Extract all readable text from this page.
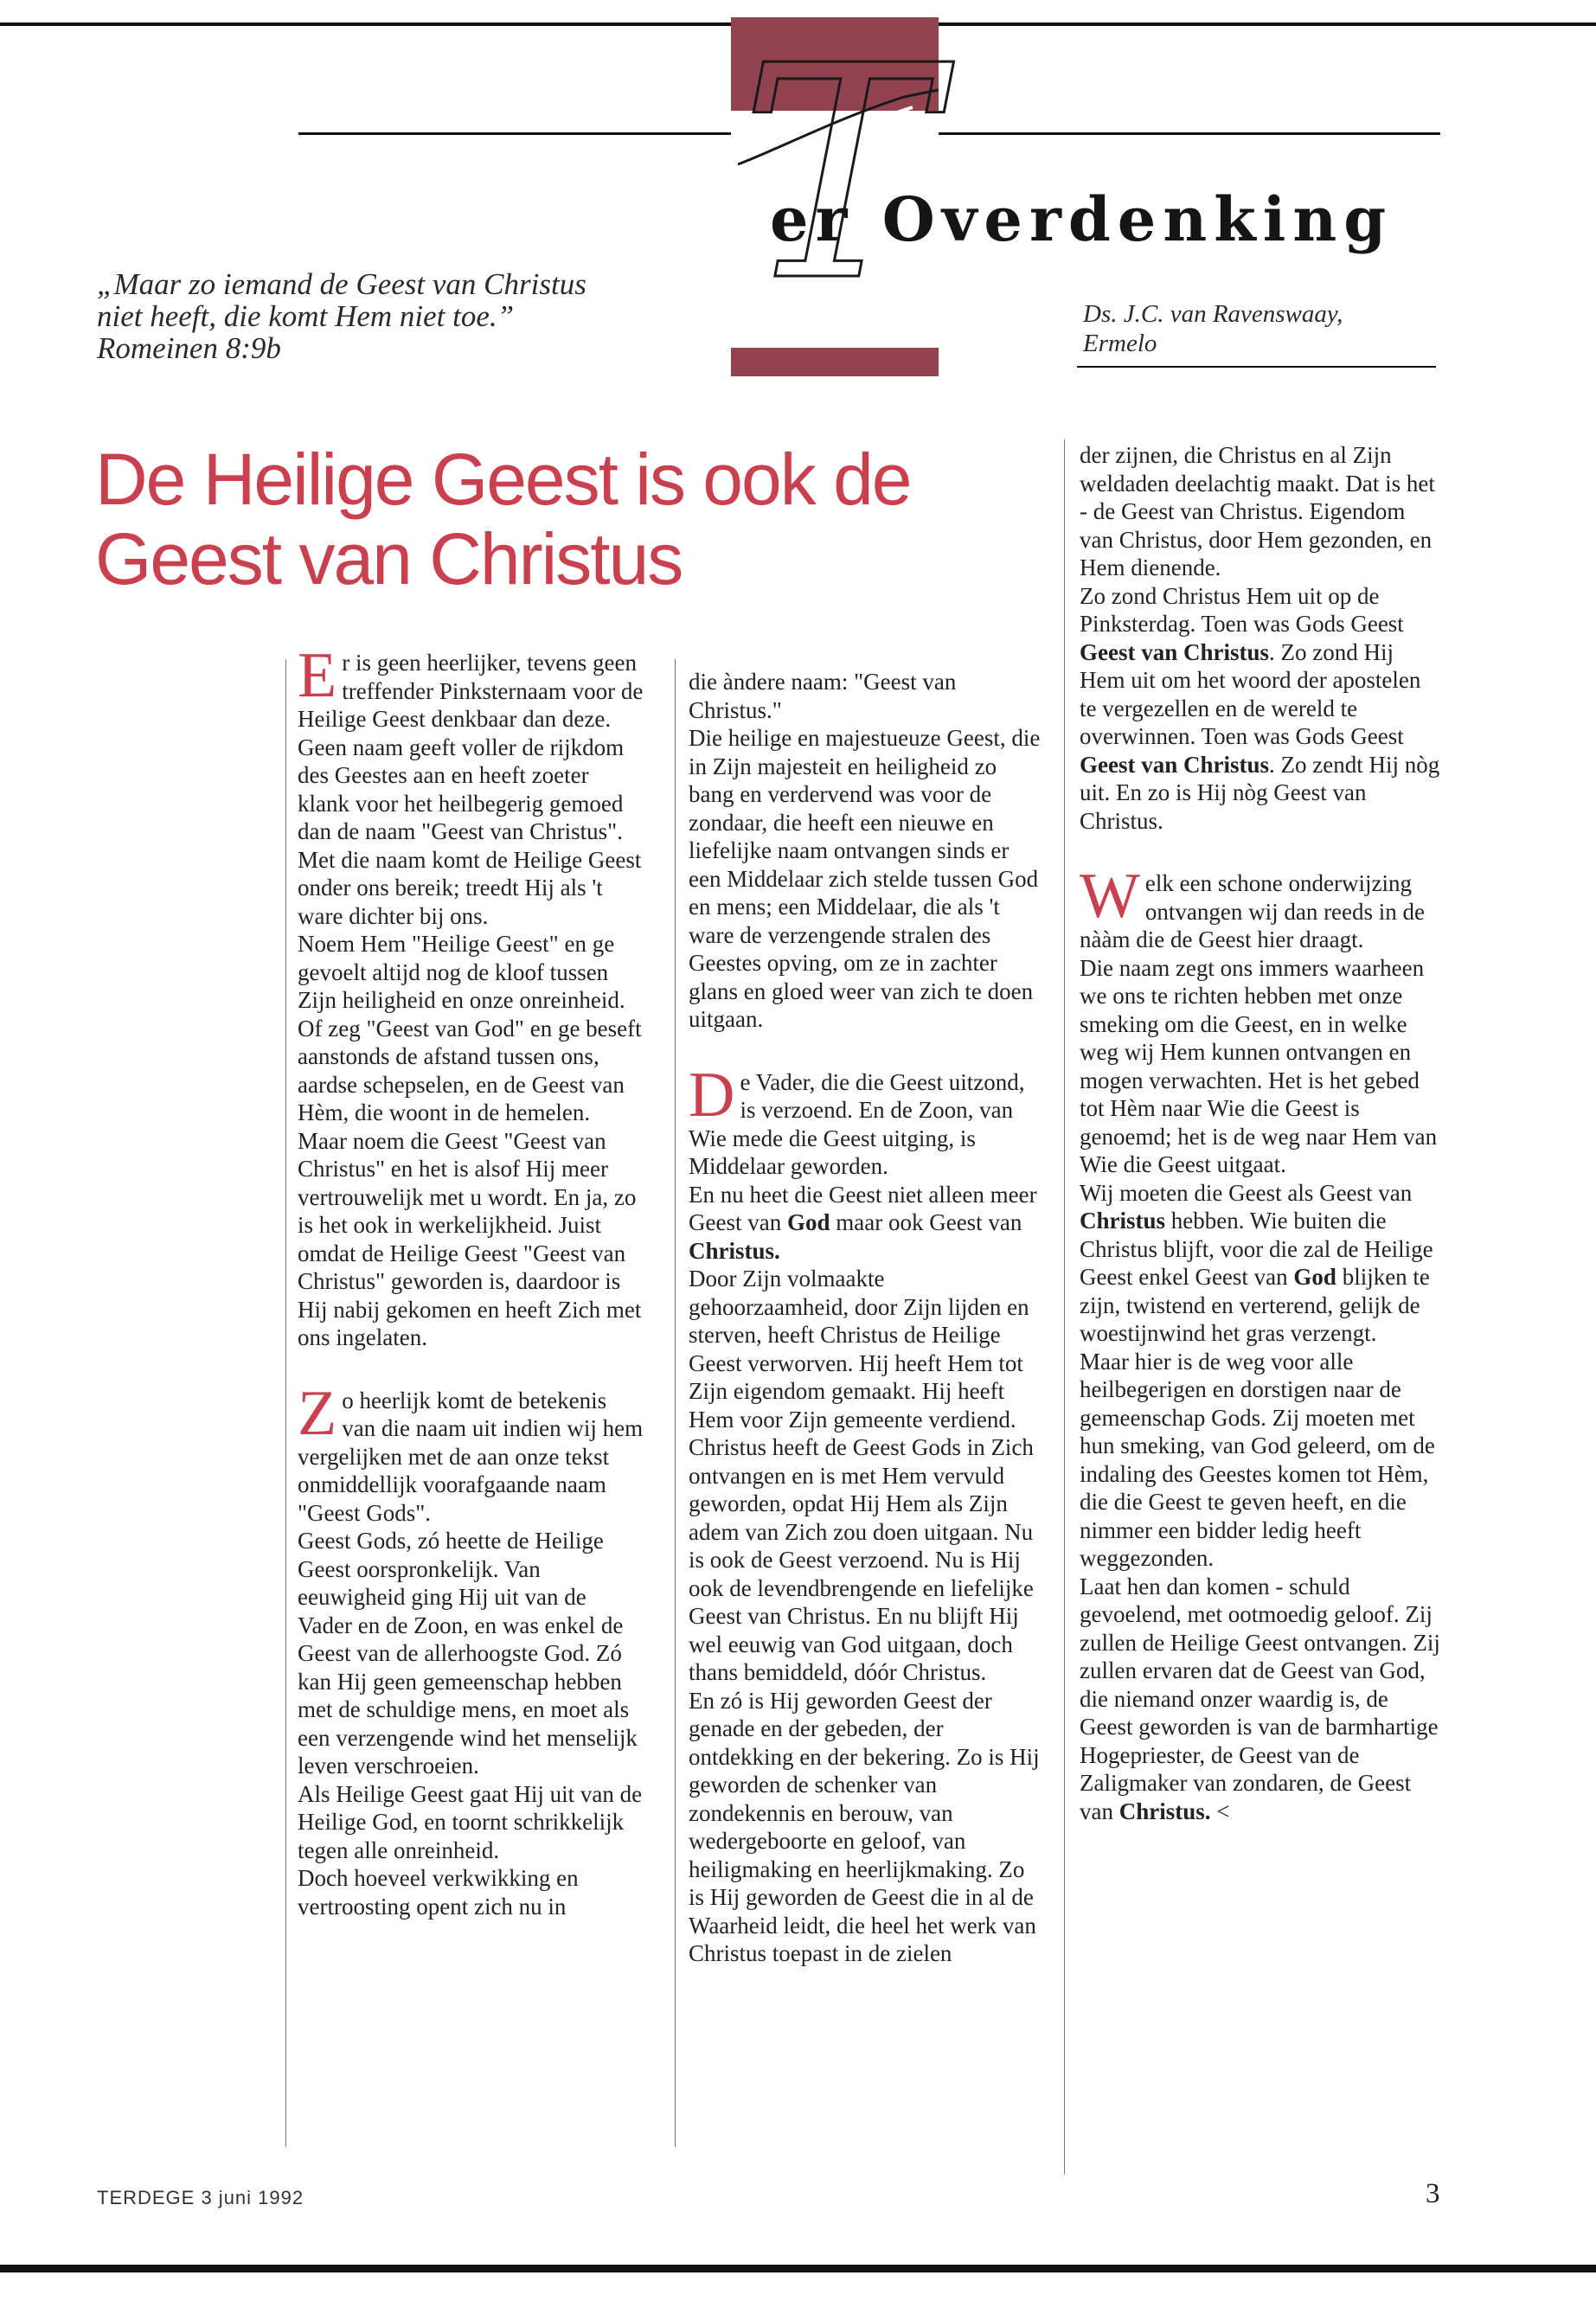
T
er Overdenking
„Maar zo iemand de Geest van Christus
niet heeft, die komt Hem niet toe.”
Romeinen 8:9b
Ds. J.C. van Ravenswaay,
Ermelo
De Heilige Geest is ook de
Geest van Christus

Er is geen heerlijker, tevens geen treffender Pinksternaam voor de Heilige Geest denkbaar dan deze. Geen naam geeft voller de rijkdom des Geestes aan en heeft zoeter klank voor het heilbegerig gemoed dan de naam "Geest van Christus".

Met die naam komt de Heilige Geest onder ons bereik; treedt Hij als 't ware dichter bij ons.

Noem Hem "Heilige Geest" en ge gevoelt altijd nog de kloof tussen Zijn heiligheid en onze onreinheid.

Of zeg "Geest van God" en ge beseft aanstonds de afstand tussen ons, aardse schepselen, en de Geest van Hèm, die woont in de hemelen.

Maar noem die Geest "Geest van Christus" en het is alsof Hij meer vertrouwelijk met u wordt. En ja, zo is het ook in werkelijkheid. Juist omdat de Heilige Geest "Geest van Christus" geworden is, daardoor is Hij nabij gekomen en heeft Zich met ons ingelaten.

Zo heerlijk komt de betekenis van die naam uit indien wij hem vergelijken met de aan onze tekst onmiddellijk voorafgaande naam "Geest Gods".

Geest Gods, zó heette de Heilige Geest oorspronkelijk. Van eeuwigheid ging Hij uit van de Vader en de Zoon, en was enkel de Geest van de allerhoogste God. Zó kan Hij geen gemeenschap hebben met de schuldige mens, en moet als een verzengende wind het menselijk leven verschroeien.

Als Heilige Geest gaat Hij uit van de Heilige God, en toornt schrikkelijk tegen alle onreinheid.

Doch hoeveel verkwikking en vertroosting opent zich nu in

die àndere naam: "Geest van Christus."

Die heilige en majestueuze Geest, die in Zijn majesteit en heiligheid zo bang en verdervend was voor de zondaar, die heeft een nieuwe en liefelijke naam ontvangen sinds er een Middelaar zich stelde tussen God en mens; een Middelaar, die als 't ware de verzengende stralen des Geestes opving, om ze in zachter glans en gloed weer van zich te doen uitgaan.

De Vader, die die Geest uitzond, is verzoend. En de Zoon, van Wie mede die Geest uitging, is Middelaar geworden.

En nu heet die Geest niet alleen meer Geest van God maar ook Geest van Christus.

Door Zijn volmaakte gehoorzaamheid, door Zijn lijden en sterven, heeft Christus de Heilige Geest verworven. Hij heeft Hem tot Zijn eigendom gemaakt. Hij heeft Hem voor Zijn gemeente verdiend. Christus heeft de Geest Gods in Zich ontvangen en is met Hem vervuld geworden, opdat Hij Hem als Zijn adem van Zich zou doen uitgaan. Nu is ook de Geest verzoend. Nu is Hij ook de levendbrengende en liefelijke Geest van Christus. En nu blijft Hij wel eeuwig van God uitgaan, doch thans bemiddeld, dóór Christus.

En zó is Hij geworden Geest der genade en der gebeden, der ontdekking en der bekering. Zo is Hij geworden de schenker van zondekennis en berouw, van wedergeboorte en geloof, van heiligmaking en heerlijkmaking. Zo is Hij geworden de Geest die in al de Waarheid leidt, die heel het werk van Christus toepast in de zielen

der zijnen, die Christus en al Zijn weldaden deelachtig maakt. Dat is het - de Geest van Christus. Eigendom van Christus, door Hem gezonden, en Hem dienende.

Zo zond Christus Hem uit op de Pinksterdag. Toen was Gods Geest Geest van Christus. Zo zond Hij Hem uit om het woord der apostelen te vergezellen en de wereld te overwinnen. Toen was Gods Geest Geest van Christus. Zo zendt Hij nòg uit. En zo is Hij nòg Geest van Christus.

Welk een schone onderwijzing ontvangen wij dan reeds in de nààm die de Geest hier draagt.

Die naam zegt ons immers waarheen we ons te richten hebben met onze smeking om die Geest, en in welke weg wij Hem kunnen ontvangen en mogen verwachten. Het is het gebed tot Hèm naar Wie die Geest is genoemd; het is de weg naar Hem van Wie die Geest uitgaat.

Wij moeten die Geest als Geest van Christus hebben. Wie buiten die Christus blijft, voor die zal de Heilige Geest enkel Geest van God blijken te zijn, twistend en verterend, gelijk de woestijnwind het gras verzengt.

Maar hier is de weg voor alle heilbegerigen en dorstigen naar de gemeenschap Gods. Zij moeten met hun smeking, van God geleerd, om de indaling des Geestes komen tot Hèm, die die Geest te geven heeft, en die nimmer een bidder ledig heeft weggezonden.

Laat hen dan komen - schuld gevoelend, met ootmoedig geloof. Zij zullen de Heilige Geest ontvangen. Zij zullen ervaren dat de Geest van God, die niemand onzer waardig is, de Geest geworden is van de barmhartige Hogepriester, de Geest van de Zaligmaker van zondaren, de Geest van Christus. <

TERDEGE 3 juni 1992	3
